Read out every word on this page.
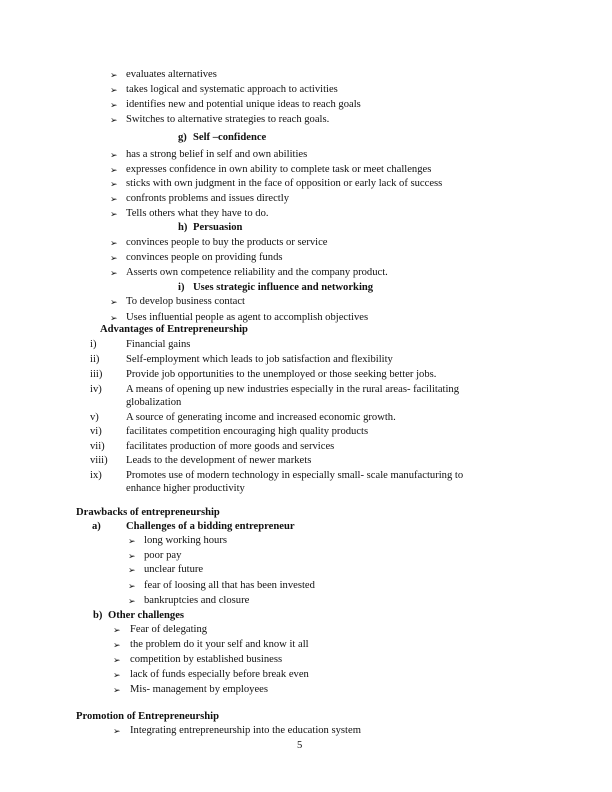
➢ evaluates alternatives
➢ takes logical and systematic approach to activities
➢ identifies new and potential unique ideas to reach goals
➢ Switches to alternative strategies to reach goals.
g) Self –confidence
➢ has a strong belief in self and own abilities
➢ expresses confidence in own ability to complete task or meet challenges
➢ sticks with own judgment in the face of opposition or early lack of success
➢ confronts problems and issues directly
➢ Tells others what they have to do.
h) Persuasion
➢ convinces people to buy the products or service
➢ convinces people on providing funds
➢ Asserts own competence reliability and the company product.
i) Uses strategic influence and networking
➢ To develop business contact
➢ Uses influential people as agent to accomplish objectives
Advantages of Entrepreneurship
i)	Financial gains
ii)	Self-employment which leads to job satisfaction and flexibility
iii) Provide job opportunities to the unemployed or those seeking better jobs.
iv) A means of opening up new industries especially in the rural areas- facilitating
globalization
v)	A source of generating income and increased economic growth.
vi) facilitates competition encouraging high quality products
vii) facilitates production of more goods and services
viii) Leads to the development of newer markets
ix) Promotes use of modern technology in especially small- scale manufacturing to
enhance higher productivity
Drawbacks of entrepreneurship
a) Challenges of a bidding entrepreneur
➢ long working hours
➢ poor pay
➢ unclear future
➢ fear of loosing all that has been invested
➢ bankruptcies and closure
b) Other challenges
➢ Fear of delegating
➢ the problem do it your self and know it all
➢ competition by established business
➢ lack of funds especially before break even
➢ Mis- management by employees
Promotion of Entrepreneurship
➢ Integrating entrepreneurship into the education system
5
